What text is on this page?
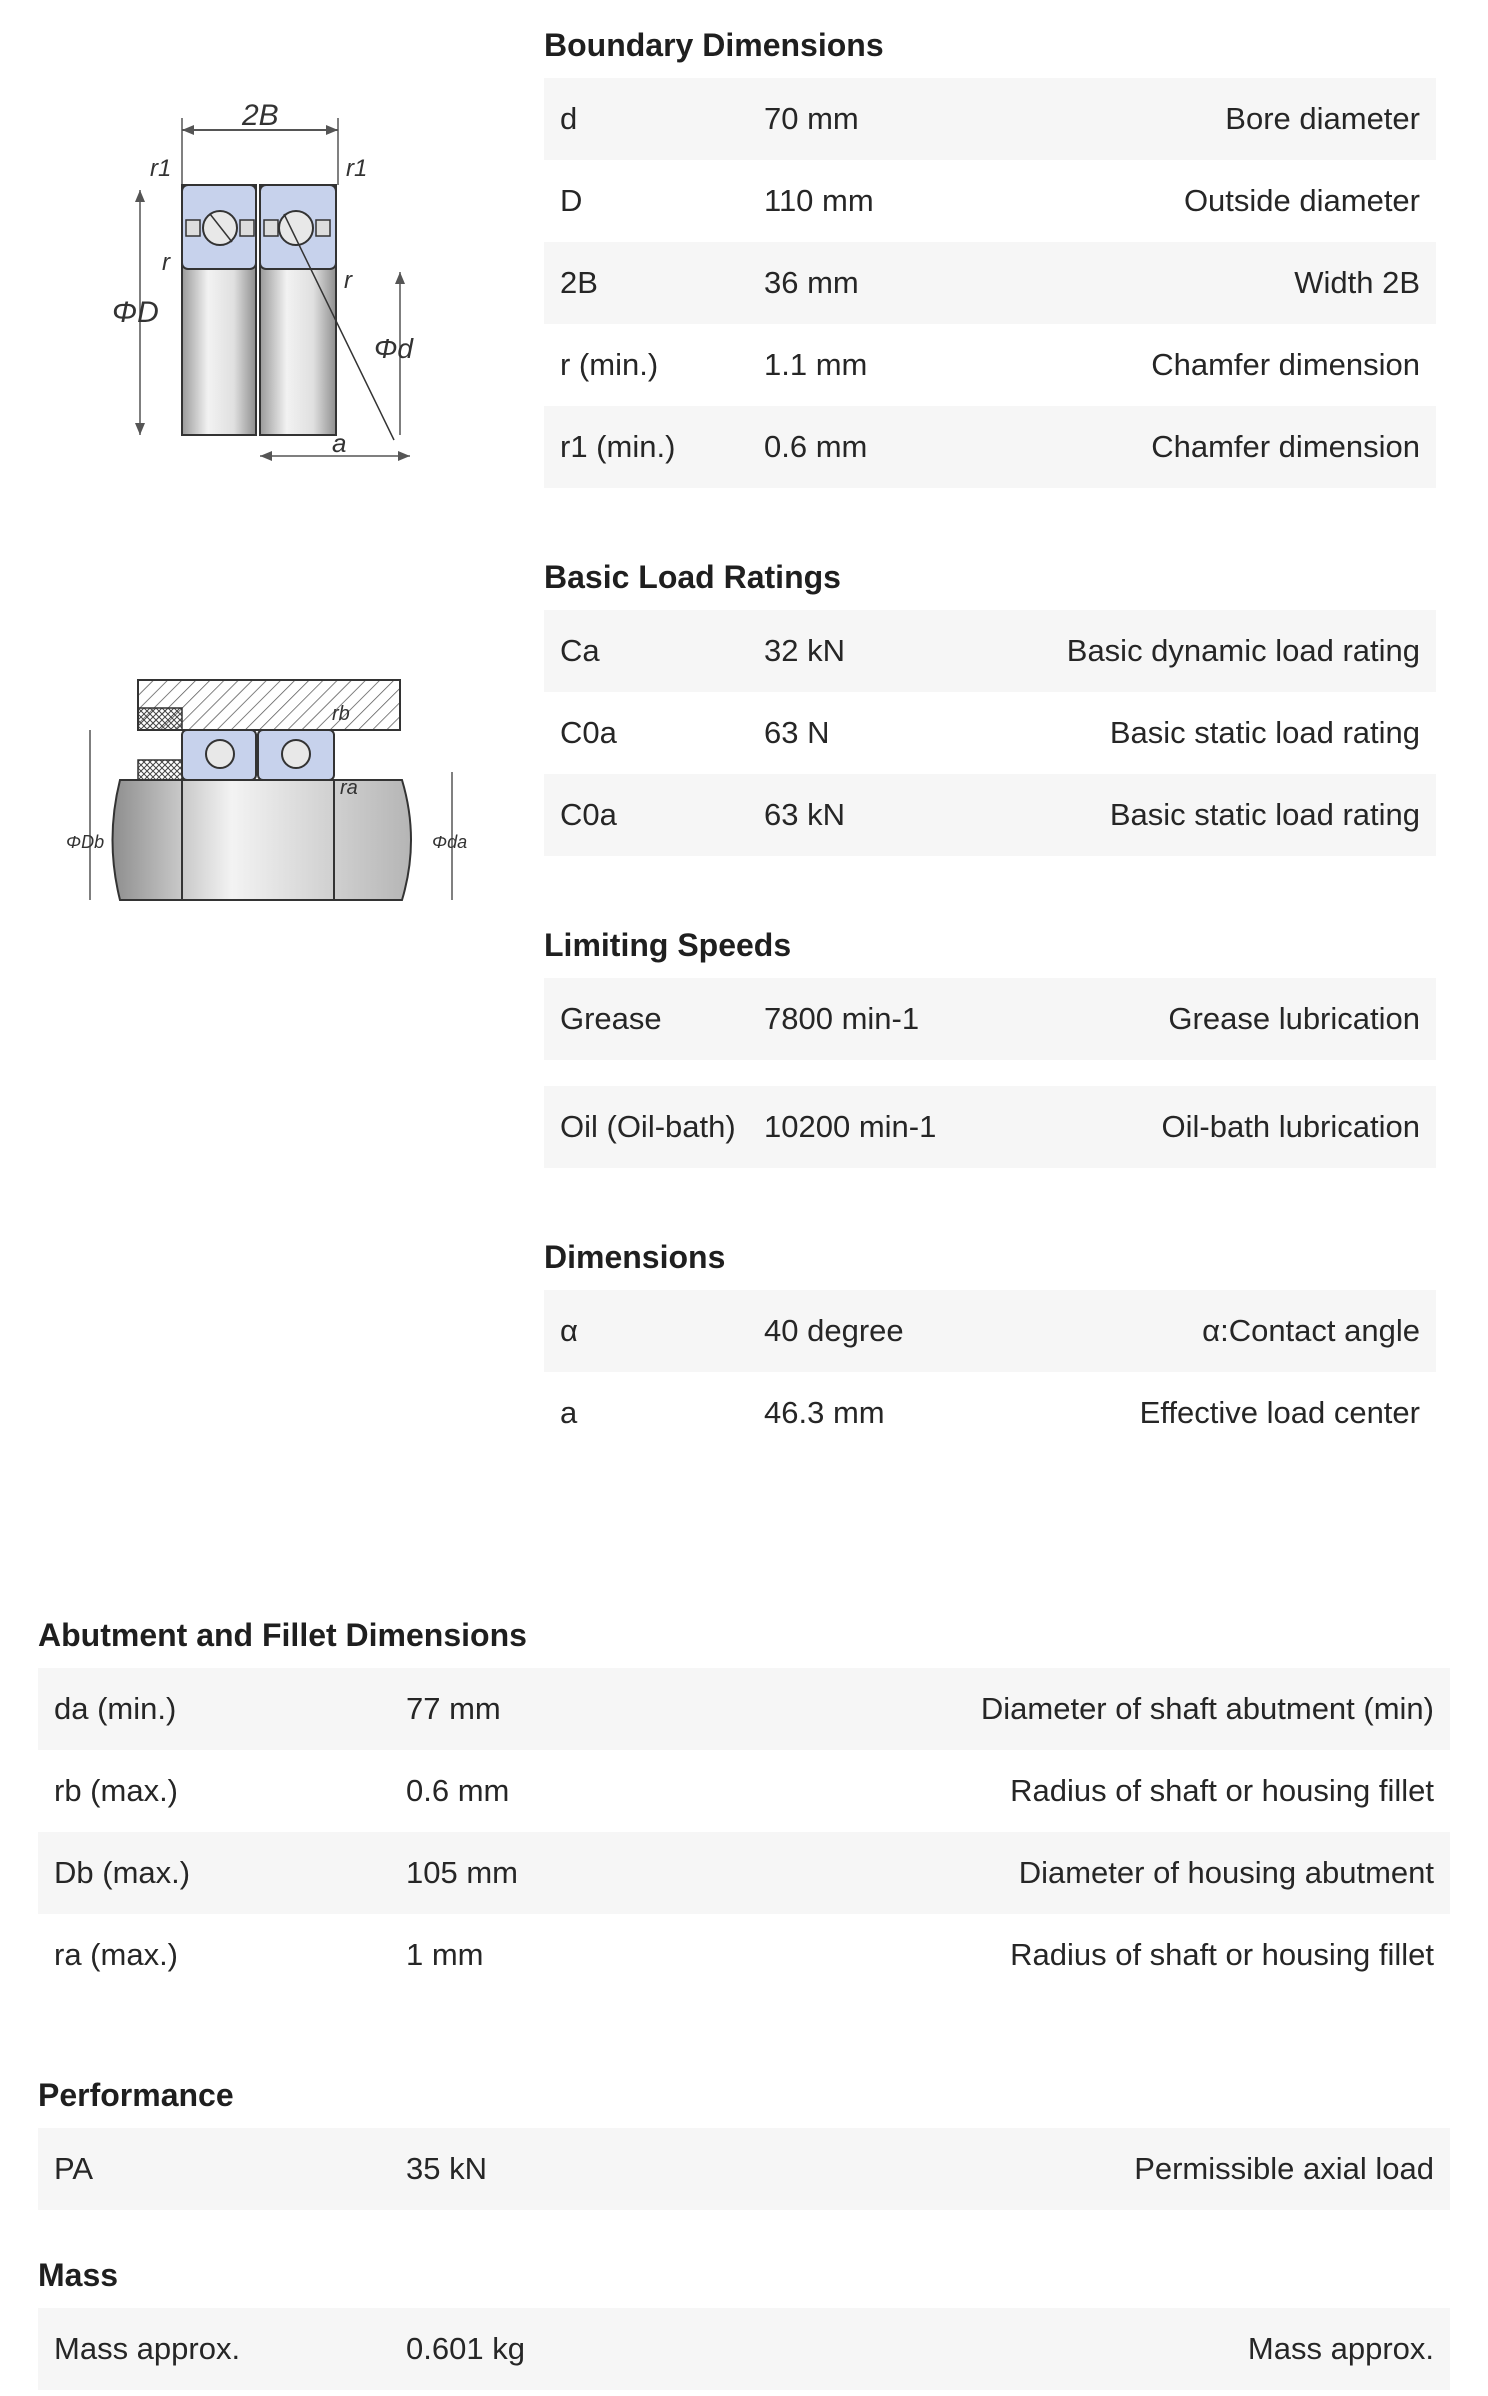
2B
r1	r1
ΦD
r
r
Φd
a
rb
ra
ΦDb	Φda
Boundary Dimensions
d	70 mm	Bore diameter
D	110 mm	Outside diameter
2B	36 mm	Width 2B
r (min.)	1.1 mm	Chamfer dimension
r1 (min.)	0.6 mm	Chamfer dimension
Basic Load Ratings
Ca	32 kN	Basic dynamic load rating
C0a	63 N	Basic static load rating
C0a	63 kN	Basic static load rating
Limiting Speeds
Grease	7800 min-1	Grease lubrication
Oil (Oil-bath) 10200 min-1	Oil-bath lubrication
Dimensions
α	40 degree	α:Contact angle
a	46.3 mm	Effective load center
Abutment and Fillet Dimensions
da (min.)	77 mm	Diameter of shaft abutment (min)
rb (max.)	0.6 mm	Radius of shaft or housing fillet
Db (max.)	105 mm	Diameter of housing abutment
ra (max.)	1 mm	Radius of shaft or housing fillet
Performance
PA	35 kN	Permissible axial load
Mass
Mass approx.	0.601 kg	Mass approx.
